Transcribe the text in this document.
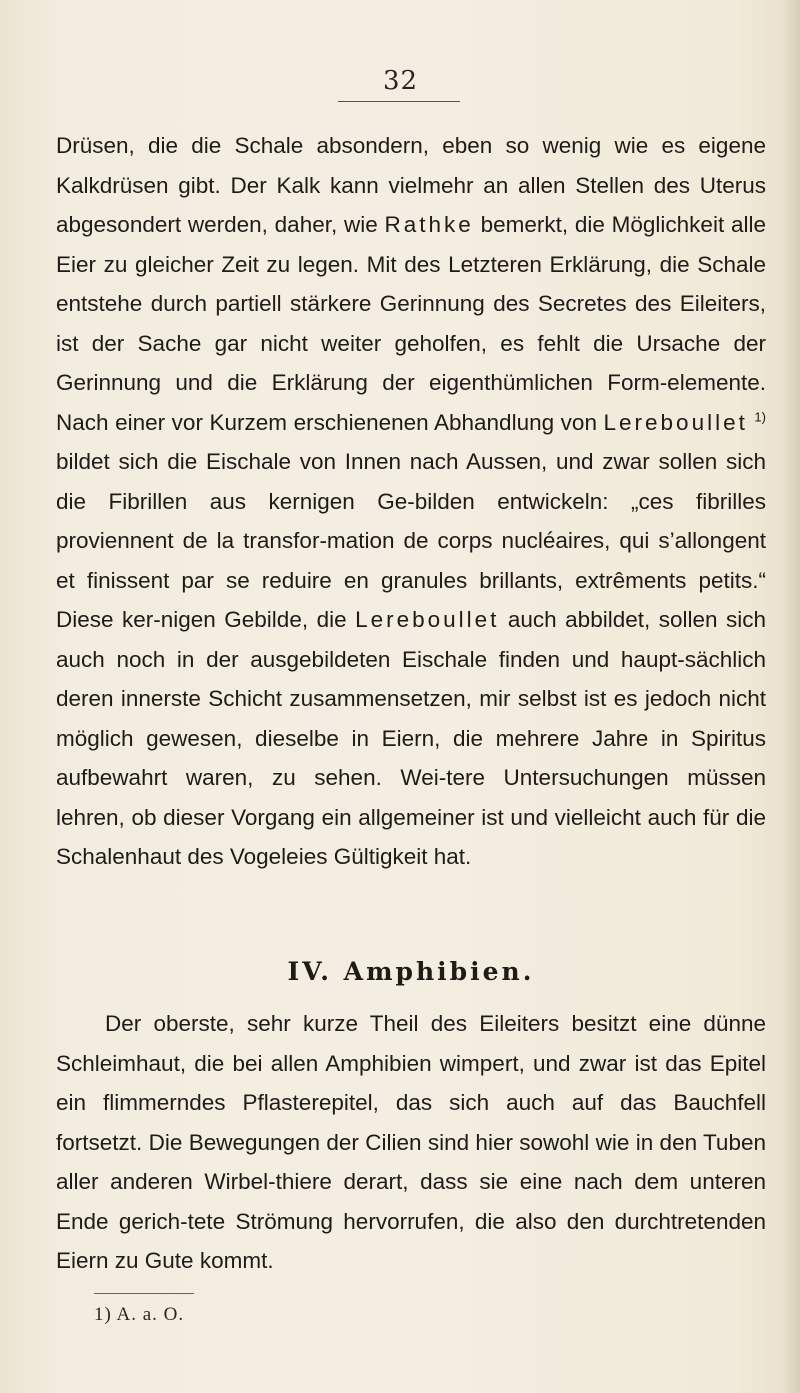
32

Drüsen, die die Schale absondern, eben so wenig wie es eigene Kalkdrüsen gibt. Der Kalk kann vielmehr an allen Stellen des Uterus abgesondert werden, daher, wie Rathke bemerkt, die Möglichkeit alle Eier zu gleicher Zeit zu legen. Mit des Letzteren Erklärung, die Schale entstehe durch partiell stärkere Gerinnung des Secretes des Eileiters, ist der Sache gar nicht weiter geholfen, es fehlt die Ursache der Gerinnung und die Erklärung der eigenthümlichen Form-elemente. Nach einer vor Kurzem erschienenen Abhandlung von Lereboullet $^{1)}$ bildet sich die Eischale von Innen nach Aussen, und zwar sollen sich die Fibrillen aus kernigen Ge-bilden entwickeln: „ces fibrilles proviennent de la transfor-mation de corps nucléaires, qui s’allongent et finissent par se reduire en granules brillants, extrêments petits.“ Diese ker-nigen Gebilde, die Lereboullet auch abbildet, sollen sich auch noch in der ausgebildeten Eischale finden und haupt-sächlich deren innerste Schicht zusammensetzen, mir selbst ist es jedoch nicht möglich gewesen, dieselbe in Eiern, die mehrere Jahre in Spiritus aufbewahrt waren, zu sehen. Wei-tere Untersuchungen müssen lehren, ob dieser Vorgang ein allgemeiner ist und vielleicht auch für die Schalenhaut des Vogeleies Gültigkeit hat.

IV. Amphibien.

Der oberste, sehr kurze Theil des Eileiters besitzt eine dünne Schleimhaut, die bei allen Amphibien wimpert, und zwar ist das Epitel ein flimmerndes Pflasterepitel, das sich auch auf das Bauchfell fortsetzt. Die Bewegungen der Cilien sind hier sowohl wie in den Tuben aller anderen Wirbel-thiere derart, dass sie eine nach dem unteren Ende gerich-tete Strömung hervorrufen, die also den durchtretenden Eiern zu Gute kommt.

1) A. a. O.
